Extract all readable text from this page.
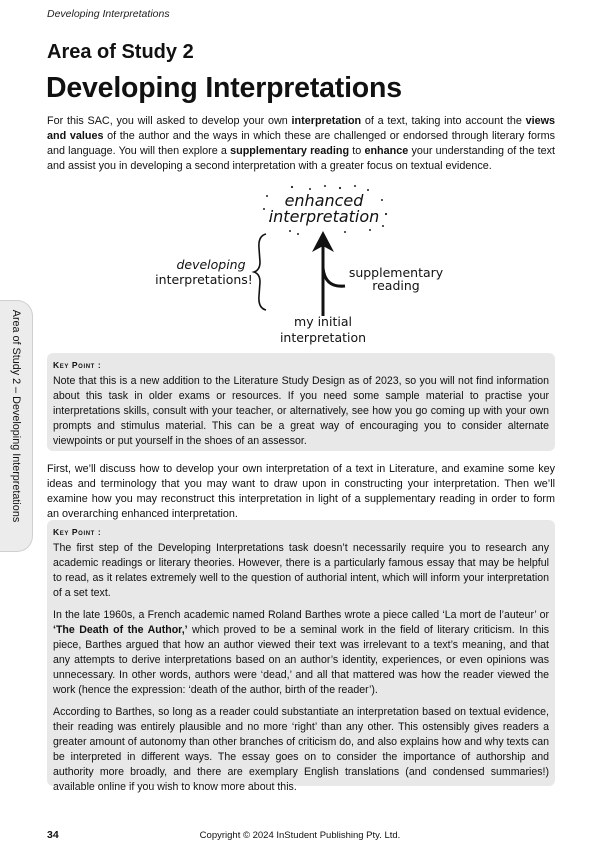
Developing Interpretations
Area of Study 2
Developing Interpretations

For this SAC, you will asked to develop your own interpretation of a text, taking into account the views and values of the author and the ways in which these are challenged or endorsed through literary forms and language. You will then explore a supplementary reading to enhance your understanding of the text and assist you in developing a second interpretation with a greater focus on textual evidence.

enhanced
interpretation
developing
interpretations!	supplementary
reading
my initial
interpretation
Area of Study 2 – Developing Interpretations	Key Point :

Note that this is a new addition to the Literature Study Design as of 2023, so you will not find information about this task in older exams or resources. If you need some sample material to practise your interpretations skills, consult with your teacher, or alternatively, see how you go coming up with your own prompts and stimulus material. This can be a great way of encouraging you to consider alternate viewpoints or put yourself in the shoes of an assessor.

First, we’ll discuss how to develop your own interpretation of a text in Literature, and examine some key ideas and terminology that you may want to draw upon in constructing your interpretation. Then we’ll examine how you may reconstruct this interpretation in light of a supplementary reading in order to form an overarching enhanced interpretation.

Key Point :

The first step of the Developing Interpretations task doesn’t necessarily require you to research any academic readings or literary theories. However, there is a particularly famous essay that may be helpful to read, as it relates extremely well to the question of authorial intent, which will inform your interpretation of a set text.

In the late 1960s, a French academic named Roland Barthes wrote a piece called ‘La mort de l’auteur’ or ‘The Death of the Author,’ which proved to be a seminal work in the field of literary criticism. In this piece, Barthes argued that how an author viewed their text was irrelevant to a text’s meaning, and that any attempts to derive interpretations based on an author’s identity, experiences, or even opinions was unnecessary. In other words, authors were ‘dead,’ and all that mattered was how the reader viewed the work (hence the expression: ‘death of the author, birth of the reader’).

According to Barthes, so long as a reader could substantiate an interpretation based on textual evidence, their reading was entirely plausible and no more ‘right’ than any other. This ostensibly gives readers a greater amount of autonomy than other branches of criticism do, and also explains how and why texts can be interpreted in different ways. The essay goes on to consider the importance of authorship and authority more broadly, and there are exemplary English translations (and condensed summaries!) available online if you wish to know more about this.

34	Copyright © 2024 InStudent Publishing Pty. Ltd.
